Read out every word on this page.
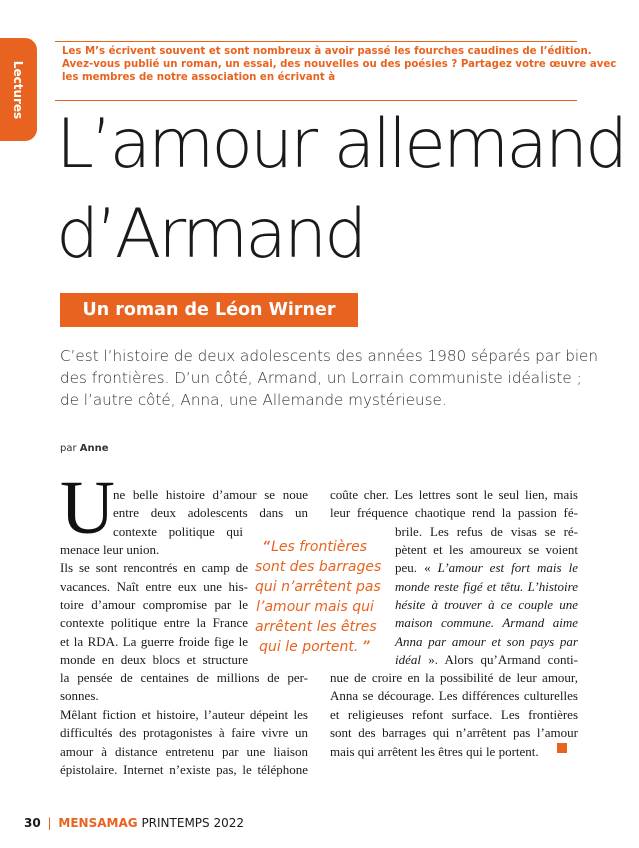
Lectures
Les M’s écrivent souvent et sont nombreux à avoir passé les fourches caudines de l’édition.
Avez-vous publié un roman, un essai, des nouvelles ou des poésies ? Partagez votre œuvre avec
les membres de notre association en écrivant à
L’amour allemand
d’Armand
Un roman de Léon Wirner
C’est l’histoire de deux adolescents des années 1980 séparés par bien
des frontières. D’un côté, Armand, un Lorrain communiste idéaliste ;
de l’autre côté, Anna, une Allemande mystérieuse.
par Anne
U
ne belle histoire d’amour se noue
entre deux adolescents dans un
contexte politique qui
menace leur union.
Ils se sont rencontrés en camp de
vacances. Naît entre eux une his-
toire d’amour compromise par le
contexte politique entre la France
et la RDA. La guerre froide fige le
monde en deux blocs et structure
la pensée de centaines de millions de per-
sonnes.
Mêlant fiction et histoire, l’auteur dépeint les
difficultés des protagonistes à faire vivre un
amour à distance entretenu par une liaison
épistolaire. Internet n’existe pas, le téléphone
“Les frontières
sont des barrages
qui n’arrêtent pas
l’amour mais qui
arrêtent les êtres
qui le portent. ”
coûte cher. Les lettres sont le seul lien, mais
leur fréquence chaotique rend la passion fé-
brile. Les refus de visas se ré-
pètent et les amoureux se voient
peu. « L’amour est fort mais le
monde reste figé et têtu. L’histoire
hésite à trouver à ce couple une
maison commune. Armand aime
Anna par amour et son pays par
idéal ». Alors qu’Armand conti-
nue de croire en la possibilité de leur amour,
Anna se décourage. Les différences culturelles
et religieuses refont surface. Les frontières
sont des barrages qui n’arrêtent pas l’amour
mais qui arrêtent les êtres qui le portent.
30 | MENSAMAG PRINTEMPS 2022
